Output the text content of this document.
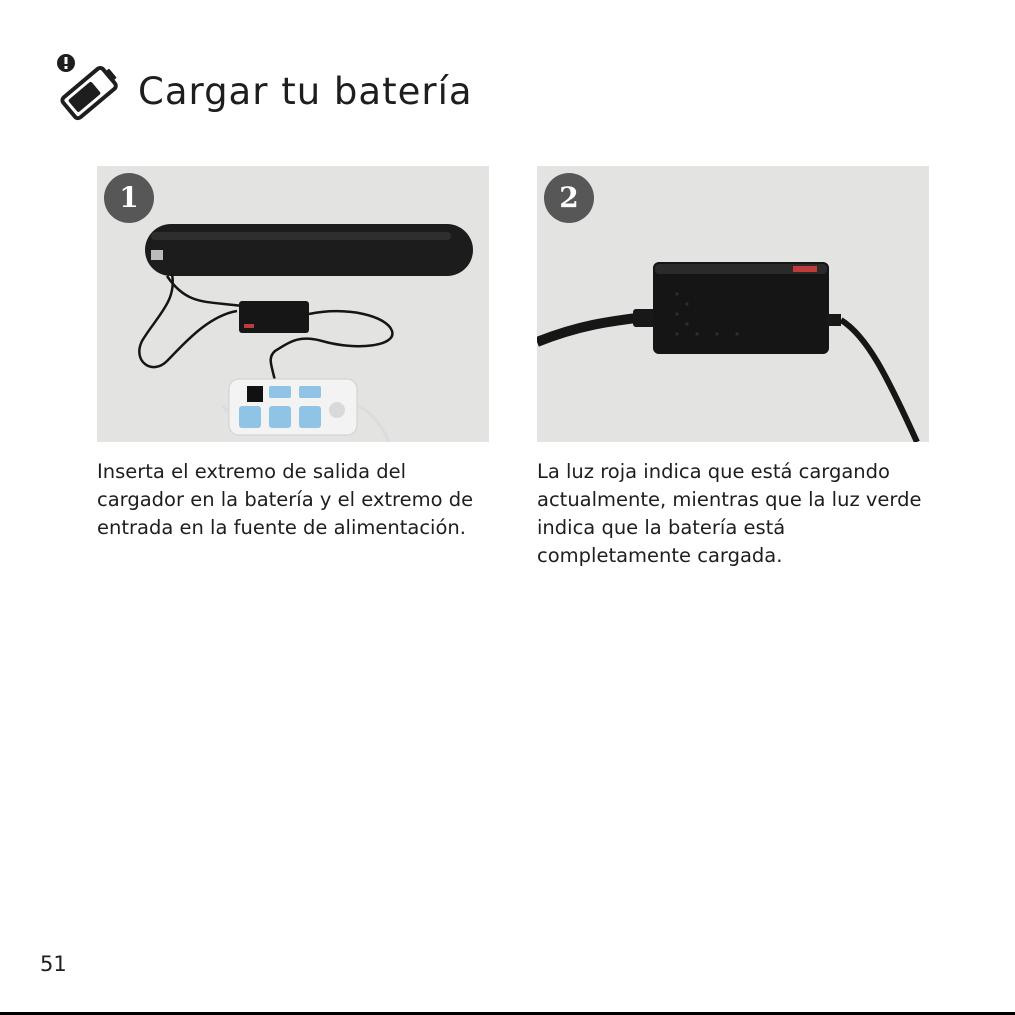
Cargar tu batería
1

Inserta el extremo de salida del cargador en la batería y el extremo de entrada en la fuente de alimentación.

2

La luz roja indica que está cargando actualmente, mientras que la luz verde indica que la batería está completamente cargada.

51
